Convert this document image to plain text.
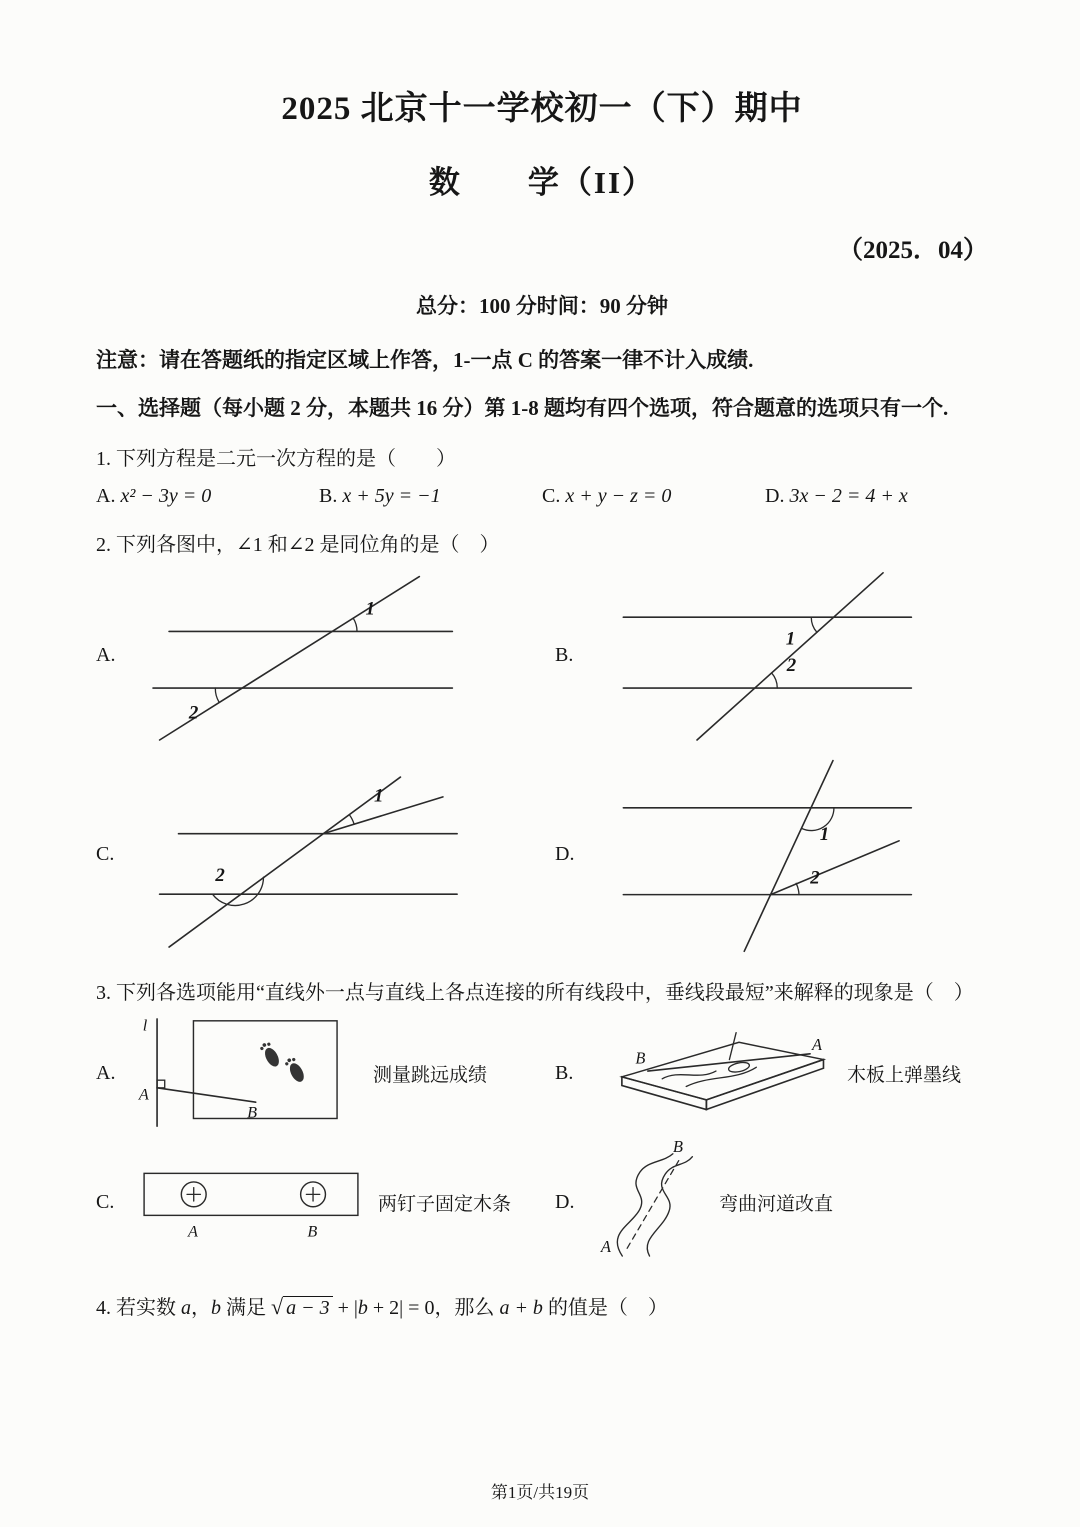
2025 北京十一学校初一（下）期中
数　　学（II）
（2025．04）
总分：100 分时间：90 分钟
注意：请在答题纸的指定区域上作答，1-一点 C 的答案一律不计入成绩.
一、选择题（每小题 2 分，本题共 16 分）第 1-8 题均有四个选项，符合题意的选项只有一个.
1. 下列方程是二元一次方程的是（　　）
A. x² − 3y = 0	B. x + 5y = −1	C. x + y − z = 0	D. 3x − 2 = 4 + x
2. 下列各图中，∠1 和∠2 是同位角的是（　）
A.
1
2
B.
1
2
C.
1
2
D.
1
2
3. 下列各选项能用“直线外一点与直线上各点连接的所有线段中，垂线段最短”来解释的现象是（　）
A.
l
A
B
测量跳远成绩	B.
A
B
木板上弹墨线
C.
A	B
两钉子固定木条 D.
B
A
弯曲河道改直
4. 若实数 a，b 满足 √ a − 3 + |b + 2| = 0，那么 a + b 的值是（　）
第1页/共19页
